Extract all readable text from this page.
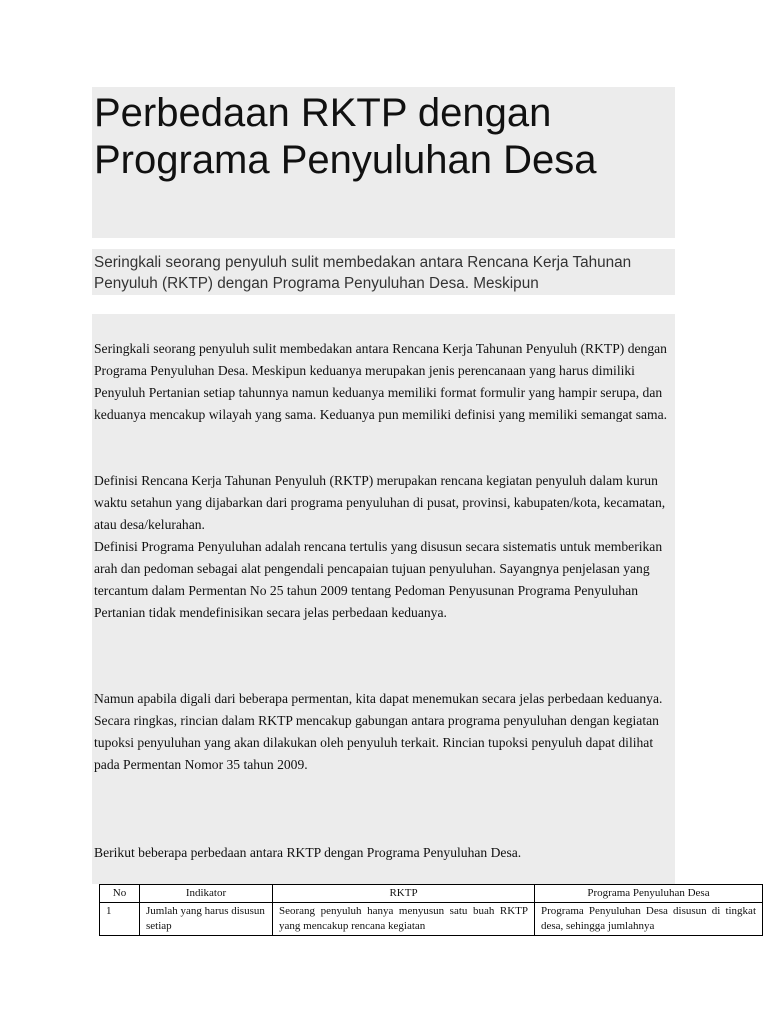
Perbedaan RKTP dengan Programa Penyuluhan Desa

Seringkali seorang penyuluh sulit membedakan antara Rencana Kerja Tahunan Penyuluh (RKTP) dengan Programa Penyuluhan Desa. Meskipun

Seringkali seorang penyuluh sulit membedakan antara Rencana Kerja Tahunan Penyuluh (RKTP) dengan Programa Penyuluhan Desa. Meskipun keduanya merupakan jenis perencanaan yang harus dimiliki Penyuluh Pertanian setiap tahunnya namun keduanya memiliki format formulir yang hampir serupa, dan keduanya mencakup wilayah yang sama. Keduanya pun memiliki definisi yang memiliki semangat sama.

Definisi Rencana Kerja Tahunan Penyuluh (RKTP) merupakan rencana kegiatan penyuluh dalam kurun waktu setahun yang dijabarkan dari programa penyuluhan di pusat, provinsi, kabupaten/kota, kecamatan, atau desa/kelurahan.

Definisi Programa Penyuluhan adalah rencana tertulis yang disusun secara sistematis untuk memberikan arah dan pedoman sebagai alat pengendali pencapaian tujuan penyuluhan. Sayangnya penjelasan yang tercantum dalam Permentan No 25 tahun 2009 tentang Pedoman Penyusunan Programa Penyuluhan Pertanian tidak mendefinisikan secara jelas perbedaan keduanya.

Namun apabila digali dari beberapa permentan, kita dapat menemukan secara jelas perbedaan keduanya. Secara ringkas, rincian dalam RKTP mencakup gabungan antara programa penyuluhan dengan kegiatan tupoksi penyuluhan yang akan dilakukan oleh penyuluh terkait. Rincian tupoksi penyuluh dapat dilihat pada Permentan Nomor 35 tahun 2009.

Berikut beberapa perbedaan antara RKTP dengan Programa Penyuluhan Desa.

No	Indikator	RKTP	Programa Penyuluhan Desa
1	Jumlah yang harus disusun setiap	Seorang penyuluh hanya menyusun satu buah RKTP yang mencakup rencana kegiatan	Programa Penyuluhan Desa disusun di tingkat desa, sehingga jumlahnya
